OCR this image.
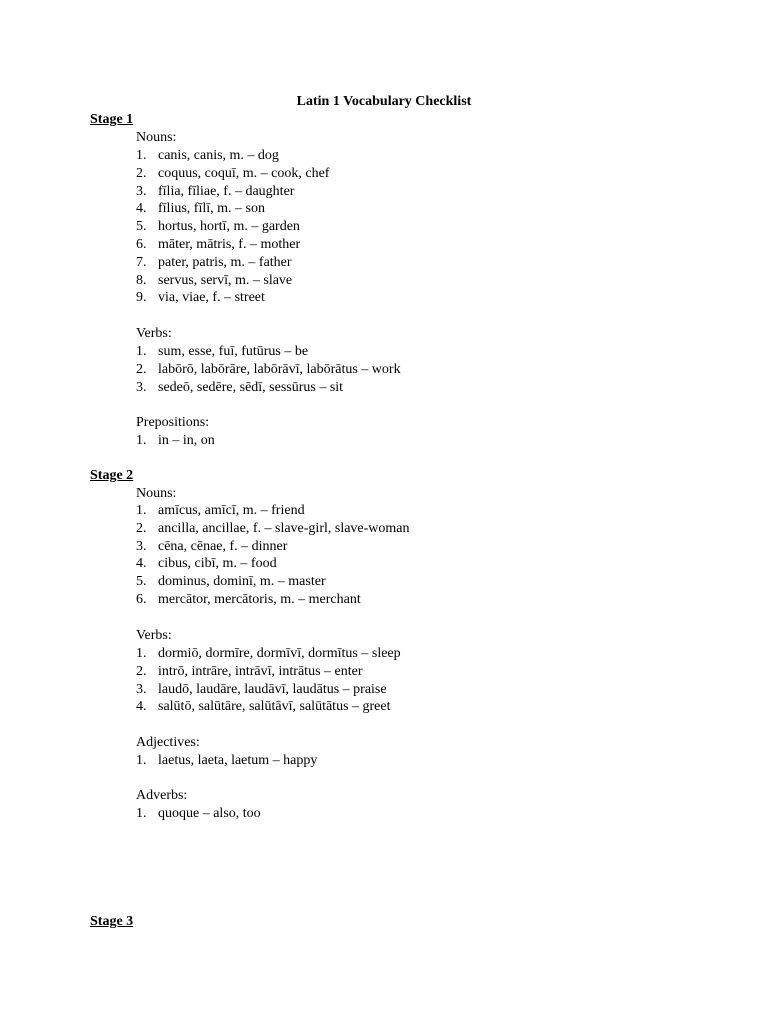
Latin 1 Vocabulary Checklist
Stage 1
Nouns:
1. canis, canis, m. – dog
2. coquus, coquī, m. – cook, chef
3. fīlia, fīliae, f. – daughter
4. fīlius, fīlī, m. – son
5. hortus, hortī, m. – garden
6. māter, mātris, f. – mother
7. pater, patris, m. – father
8. servus, servī, m. – slave
9. via, viae, f. – street
Verbs:
1. sum, esse, fuī, futūrus – be
2. labōrō, labōrāre, labōrāvī, labōrātus – work
3. sedeō, sedēre, sēdī, sessūrus – sit
Prepositions:
1. in – in, on
Stage 2
Nouns:
1. amīcus, amīcī, m. – friend
2. ancilla, ancillae, f. – slave-girl, slave-woman
3. cēna, cēnae, f. – dinner
4. cibus, cibī, m. – food
5. dominus, dominī, m. – master
6. mercātor, mercātoris, m. – merchant
Verbs:
1. dormiō, dormīre, dormīvī, dormītus – sleep
2. intrō, intrāre, intrāvī, intrātus – enter
3. laudō, laudāre, laudāvī, laudātus – praise
4. salūtō, salūtāre, salūtāvī, salūtātus – greet
Adjectives:
1. laetus, laeta, laetum – happy
Adverbs:
1. quoque – also, too
Stage 3
